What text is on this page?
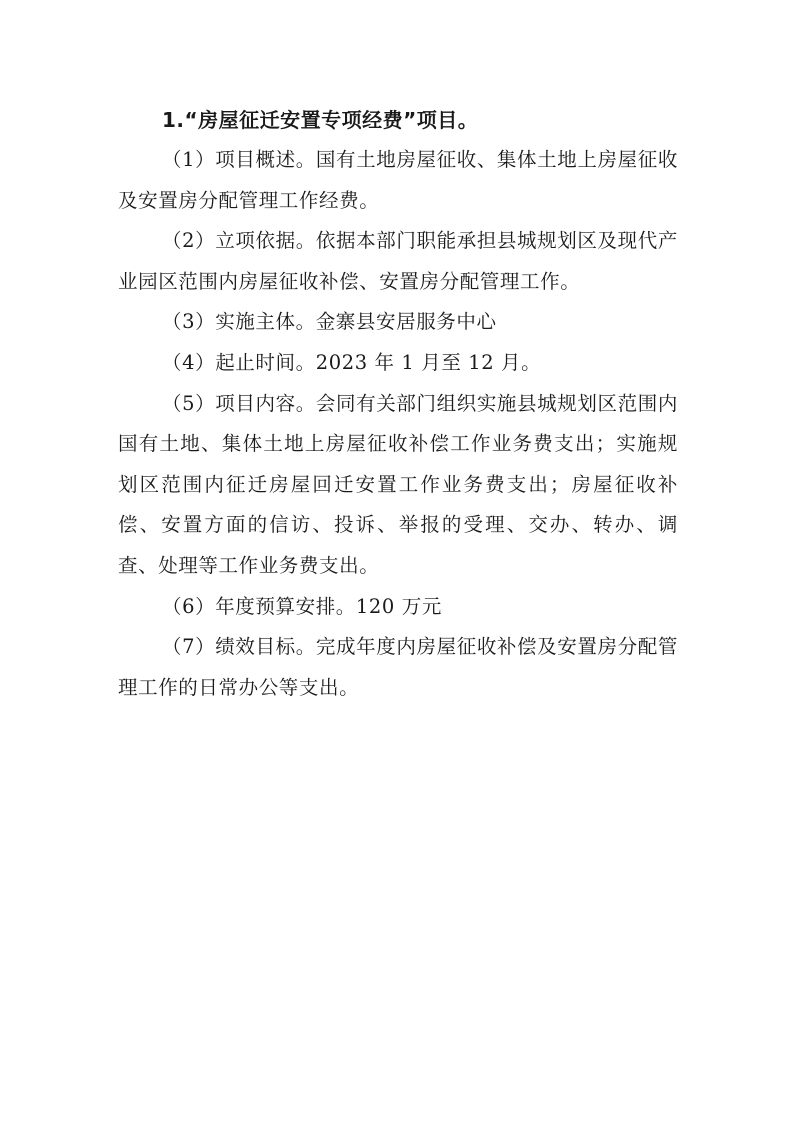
1.“房屋征迁安置专项经费”项目。

（1）项目概述。国有土地房屋征收、集体土地上房屋征收及安置房分配管理工作经费。

（2）立项依据。依据本部门职能承担县城规划区及现代产业园区范围内房屋征收补偿、安置房分配管理工作。

（3）实施主体。金寨县安居服务中心

（4）起止时间。2023 年 1 月至 12 月。

（5）项目内容。会同有关部门组织实施县城规划区范围内国有土地、集体土地上房屋征收补偿工作业务费支出；实施规划区范围内征迁房屋回迁安置工作业务费支出；房屋征收补偿、安置方面的信访、投诉、举报的受理、交办、转办、调查、处理等工作业务费支出。

（6）年度预算安排。120 万元

（7）绩效目标。完成年度内房屋征收补偿及安置房分配管理工作的日常办公等支出。
